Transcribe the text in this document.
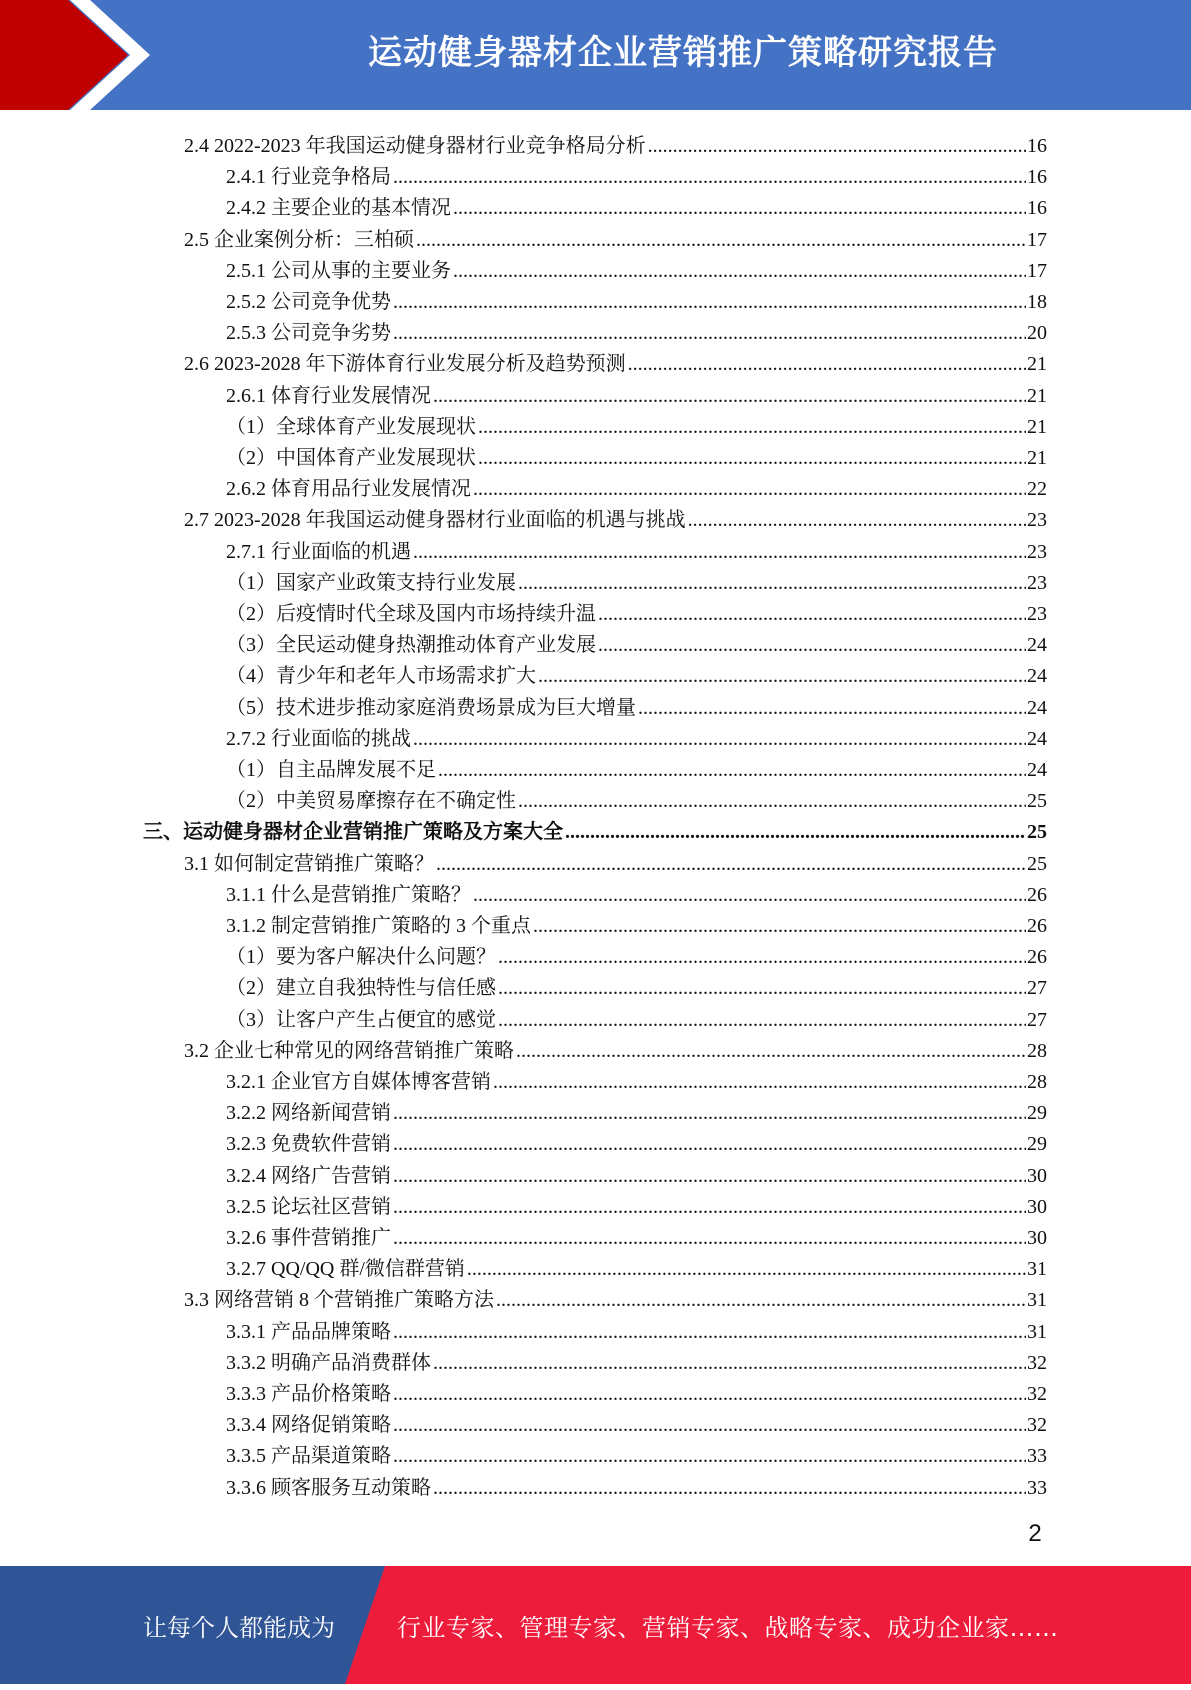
运动健身器材企业营销推广策略研究报告
2.4 2022-2023 年我国运动健身器材行业竞争格局分析 .....	16
2.4.1 行业竞争格局 .....	16
2.4.2 主要企业的基本情况 .....	16
2.5 企业案例分析：三柏硕 .....	17
2.5.1 公司从事的主要业务 .....	17
2.5.2 公司竞争优势 .....	18
2.5.3 公司竞争劣势 .....	20
2.6 2023-2028 年下游体育行业发展分析及趋势预测 .....	21
2.6.1 体育行业发展情况 .....	21
（1）全球体育产业发展现状 .....	21
（2）中国体育产业发展现状 .....	21
2.6.2 体育用品行业发展情况 .....	22
2.7 2023-2028 年我国运动健身器材行业面临的机遇与挑战 .....	23
2.7.1 行业面临的机遇 .....	23
（1）国家产业政策支持行业发展 .....	23
（2）后疫情时代全球及国内市场持续升温 .....	23
（3）全民运动健身热潮推动体育产业发展 .....	24
（4）青少年和老年人市场需求扩大 .....	24
（5）技术进步推动家庭消费场景成为巨大增量 .....	24
2.7.2 行业面临的挑战 .....	24
（1）自主品牌发展不足 .....	24
（2）中美贸易摩擦存在不确定性 .....	25
三、运动健身器材企业营销推广策略及方案大全 .....	25
3.1 如何制定营销推广策略？ .....	25
3.1.1 什么是营销推广策略？ .....	26
3.1.2 制定营销推广策略的 3 个重点 .....	26
（1）要为客户解决什么问题？ .....	26
（2）建立自我独特性与信任感 .....	27
（3）让客户产生占便宜的感觉 .....	27
3.2 企业七种常见的网络营销推广策略 .....	28
3.2.1 企业官方自媒体博客营销 .....	28
3.2.2 网络新闻营销 .....	29
3.2.3 免费软件营销 .....	29
3.2.4 网络广告营销 .....	30
3.2.5 论坛社区营销 .....	30
3.2.6 事件营销推广 .....	30
3.2.7 QQ/QQ 群/微信群营销 .....	31
3.3 网络营销 8 个营销推广策略方法 .....	31
3.3.1 产品品牌策略 .....	31
3.3.2 明确产品消费群体 .....	32
3.3.3 产品价格策略 .....	32
3.3.4 网络促销策略 .....	32
3.3.5 产品渠道策略 .....	33
3.3.6 顾客服务互动策略 .....	33
2
让每个人都能成为	行业专家、管理专家、营销专家、战略专家、成功企业家……
